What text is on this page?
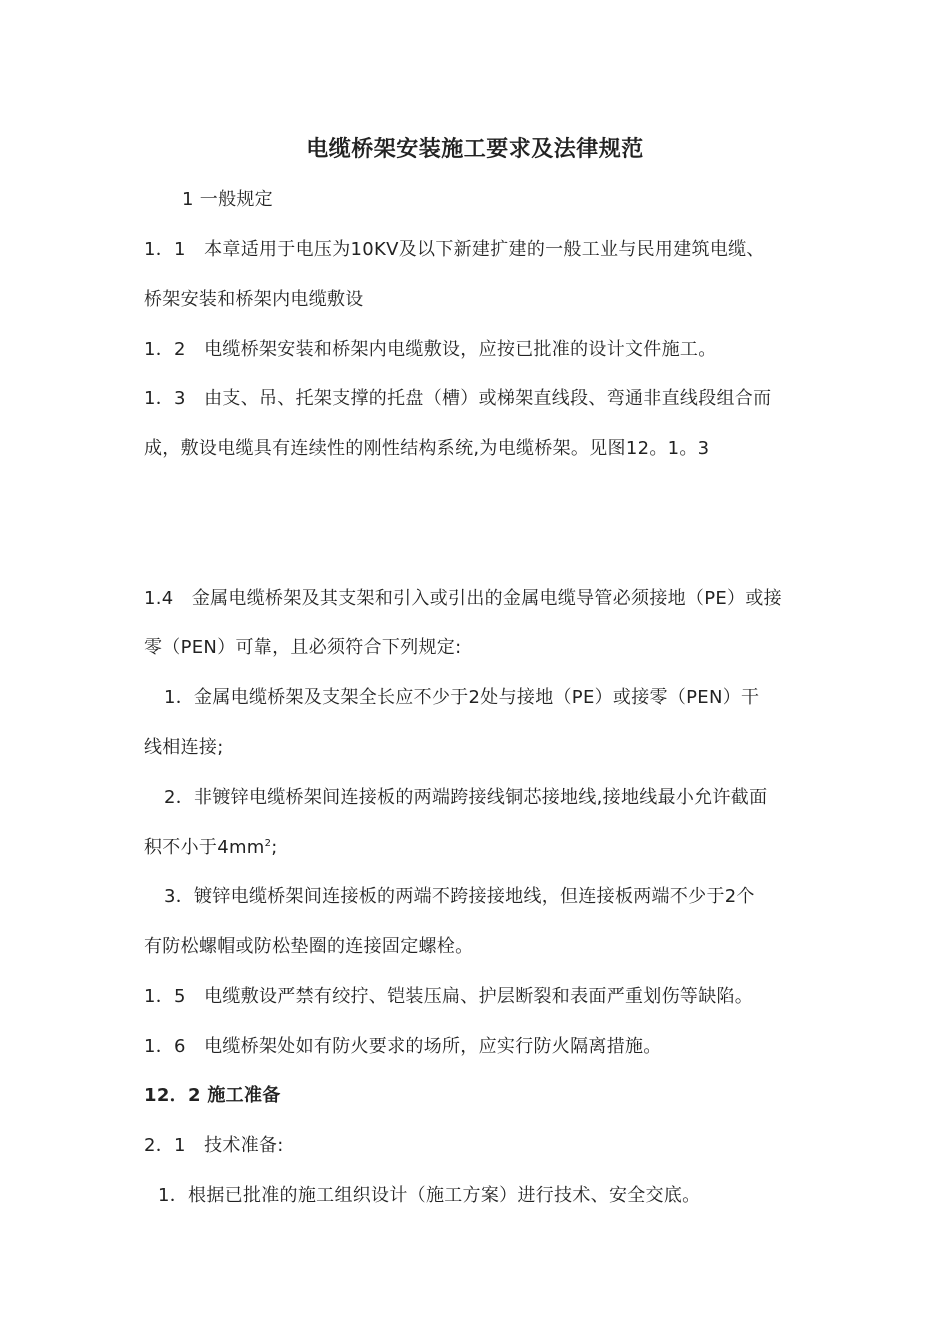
电缆桥架安装施工要求及法律规范
1 一般规定
1．1　本章适用于电压为10KV及以下新建扩建的一般工业与民用建筑电缆、
桥架安装和桥架内电缆敷设
1．2　电缆桥架安装和桥架内电缆敷设，应按已批准的设计文件施工。
1．3　由支、吊、托架支撑的托盘（槽）或梯架直线段、弯通非直线段组合而
成，敷设电缆具有连续性的刚性结构系统,为电缆桥架。见图12。1。3
1.4　金属电缆桥架及其支架和引入或引出的金属电缆导管必须接地（PE）或接
零（PEN）可靠，且必须符合下列规定:
1．金属电缆桥架及支架全长应不少于2处与接地（PE）或接零（PEN）干
线相连接;
2．非镀锌电缆桥架间连接板的两端跨接线铜芯接地线,接地线最小允许截面
积不小于$4mm^2$;
3．镀锌电缆桥架间连接板的两端不跨接接地线，但连接板两端不少于2个
有防松螺帽或防松垫圈的连接固定螺栓。
1．5　电缆敷设严禁有绞拧、铠装压扁、护层断裂和表面严重划伤等缺陷。
1．6　电缆桥架处如有防火要求的场所，应实行防火隔离措施。
12．2 施工准备
2．1　技术准备:
1．根据已批准的施工组织设计（施工方案）进行技术、安全交底。
